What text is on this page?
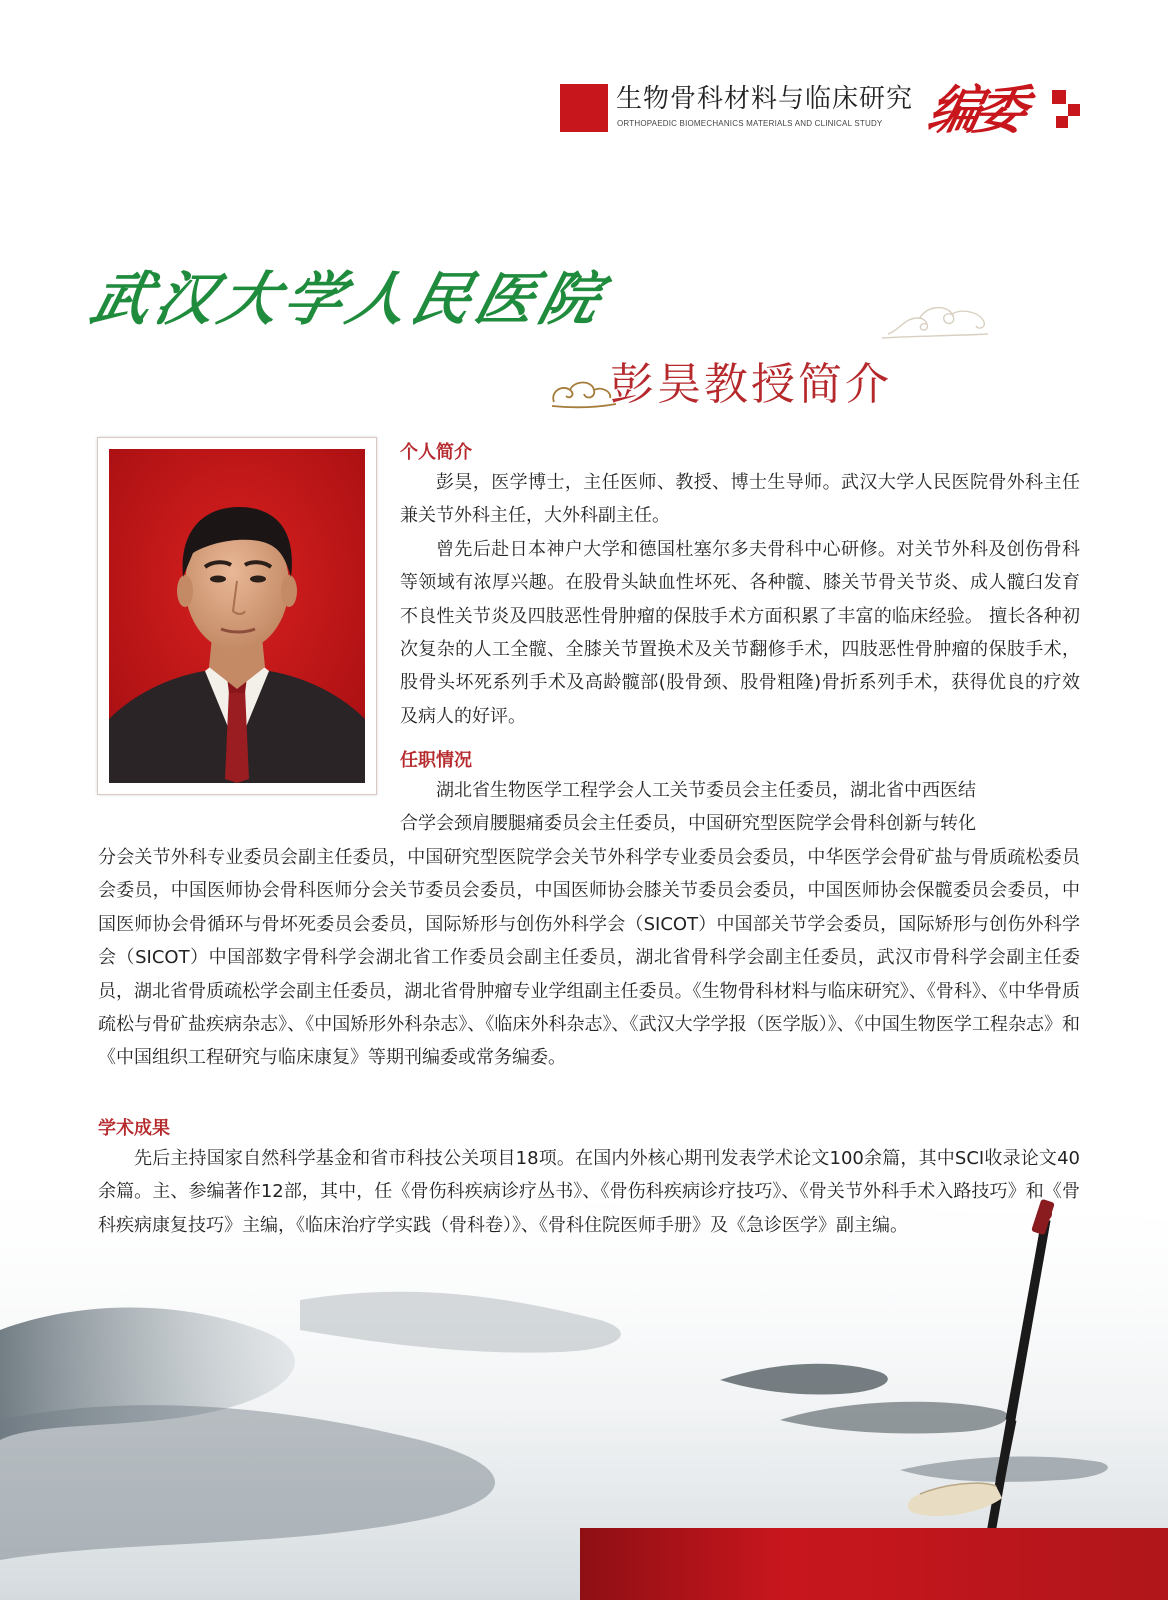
生物骨科材料与临床研究
ORTHOPAEDIC BIOMECHANICS MATERIALS AND CLINICAL STUDY 编委
武汉大学人民医院
彭昊教授简介
个人简介

彭昊，医学博士，主任医师、教授、博士生导师。武汉大学人民医院骨外科主任兼关节外科主任，大外科副主任。

曾先后赴日本神户大学和德国杜塞尔多夫骨科中心研修。对关节外科及创伤骨科等领域有浓厚兴趣。在股骨头缺血性坏死、各种髋、膝关节骨关节炎、成人髋臼发育不良性关节炎及四肢恶性骨肿瘤的保肢手术方面积累了丰富的临床经验。 擅长各种初次复杂的人工全髋、全膝关节置换术及关节翻修手术，四肢恶性骨肿瘤的保肢手术，股骨头坏死系列手术及高龄髋部(股骨颈、股骨粗隆)骨折系列手术，获得优良的疗效及病人的好评。

任职情况

湖北省生物医学工程学会人工关节委员会主任委员，湖北省中西医结

合学会颈肩腰腿痛委员会主任委员，中国研究型医院学会骨科创新与转化

分会关节外科专业委员会副主任委员，中国研究型医院学会关节外科学专业委员会委员，中华医学会骨矿盐与骨质疏松委员会委员，中国医师协会骨科医师分会关节委员会委员，中国医师协会膝关节委员会委员，中国医师协会保髋委员会委员，中国医师协会骨循环与骨坏死委员会委员，国际矫形与创伤外科学会（SICOT）中国部关节学会委员，国际矫形与创伤外科学会（SICOT）中国部数字骨科学会湖北省工作委员会副主任委员，湖北省骨科学会副主任委员，武汉市骨科学会副主任委员，湖北省骨质疏松学会副主任委员，湖北省骨肿瘤专业学组副主任委员。《生物骨科材料与临床研究》、《骨科》、《中华骨质疏松与骨矿盐疾病杂志》、《中国矫形外科杂志》、《临床外科杂志》、《武汉大学学报（医学版）》、《中国生物医学工程杂志》和《中国组织工程研究与临床康复》等期刊编委或常务编委。

学术成果

先后主持国家自然科学基金和省市科技公关项目18项。在国内外核心期刊发表学术论文100余篇，其中SCI收录论文40余篇。主、参编著作12部，其中，任《骨伤科疾病诊疗丛书》、《骨伤科疾病诊疗技巧》、《骨关节外科手术入路技巧》和《骨科疾病康复技巧》主编，《临床治疗学实践（骨科卷）》、《骨科住院医师手册》及《急诊医学》副主编。
